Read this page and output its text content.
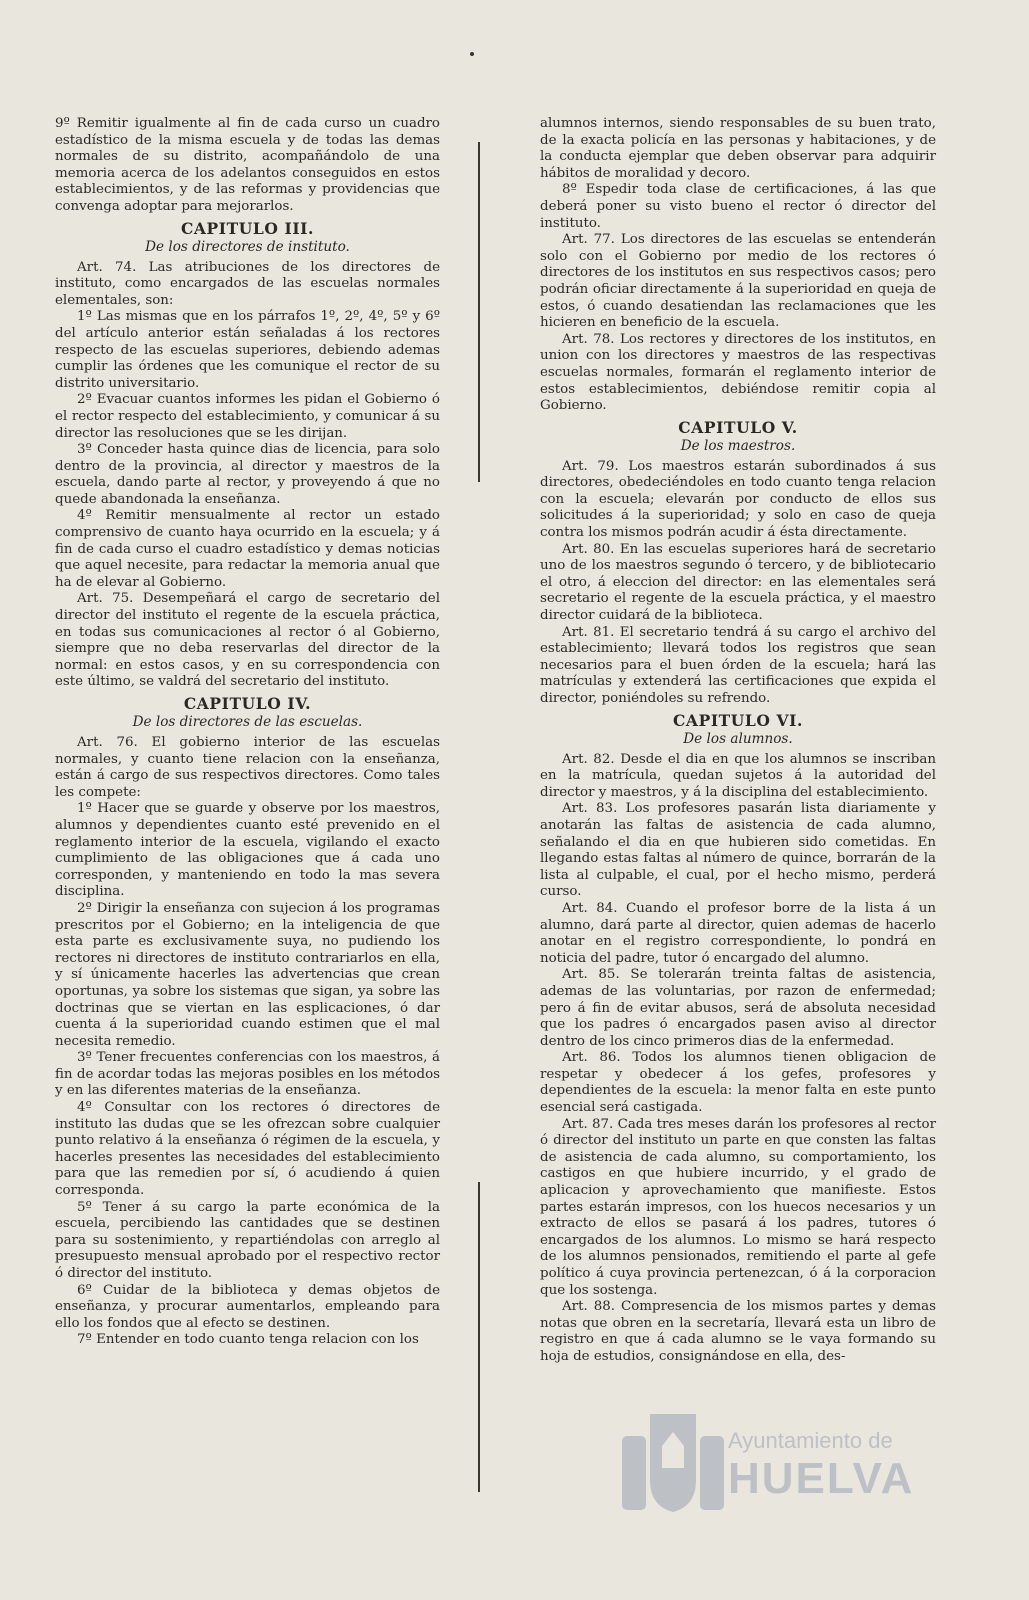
9º Remitir igualmente al fin de cada curso un cuadro estadístico de la misma escuela y de todas las demas normales de su distrito, acompañándolo de una memoria acerca de los adelantos conseguidos en estos establecimientos, y de las reformas y providencias que convenga adoptar para mejorarlos.

CAPITULO III.
De los directores de instituto.

Art. 74. Las atribuciones de los directores de instituto, como encargados de las escuelas normales elementales, son:

1º Las mismas que en los párrafos 1º, 2º, 4º, 5º y 6º del artículo anterior están señaladas á los rectores respecto de las escuelas superiores, debiendo ademas cumplir las órdenes que les comunique el rector de su distrito universitario.

2º Evacuar cuantos informes les pidan el Gobierno ó el rector respecto del establecimiento, y comunicar á su director las resoluciones que se les dirijan.

3º Conceder hasta quince dias de licencia, para solo dentro de la provincia, al director y maestros de la escuela, dando parte al rector, y proveyendo á que no quede abandonada la enseñanza.

4º Remitir mensualmente al rector un estado comprensivo de cuanto haya ocurrido en la escuela; y á fin de cada curso el cuadro estadístico y demas noticias que aquel necesite, para redactar la memoria anual que ha de elevar al Gobierno.

Art. 75. Desempeñará el cargo de secretario del director del instituto el regente de la escuela práctica, en todas sus comunicaciones al rector ó al Gobierno, siempre que no deba reservarlas del director de la normal: en estos casos, y en su correspondencia con este último, se valdrá del secretario del instituto.

CAPITULO IV.
De los directores de las escuelas.

Art. 76. El gobierno interior de las escuelas normales, y cuanto tiene relacion con la enseñanza, están á cargo de sus respectivos directores. Como tales les compete:

1º Hacer que se guarde y observe por los maestros, alumnos y dependientes cuanto esté prevenido en el reglamento interior de la escuela, vigilando el exacto cumplimiento de las obligaciones que á cada uno corresponden, y manteniendo en todo la mas severa disciplina.

2º Dirigir la enseñanza con sujecion á los programas prescritos por el Gobierno; en la inteligencia de que esta parte es exclusivamente suya, no pudiendo los rectores ni directores de instituto contrariarlos en ella, y sí únicamente hacerles las advertencias que crean oportunas, ya sobre los sistemas que sigan, ya sobre las doctrinas que se viertan en las esplicaciones, ó dar cuenta á la superioridad cuando estimen que el mal necesita remedio.

3º Tener frecuentes conferencias con los maestros, á fin de acordar todas las mejoras posibles en los métodos y en las diferentes materias de la enseñanza.

4º Consultar con los rectores ó directores de instituto las dudas que se les ofrezcan sobre cualquier punto relativo á la enseñanza ó régimen de la escuela, y hacerles presentes las necesidades del establecimiento para que las remedien por sí, ó acudiendo á quien corresponda.

5º Tener á su cargo la parte económica de la escuela, percibiendo las cantidades que se destinen para su sostenimiento, y repartiéndolas con arreglo al presupuesto mensual aprobado por el respectivo rector ó director del instituto.

6º Cuidar de la biblioteca y demas objetos de enseñanza, y procurar aumentarlos, empleando para ello los fondos que al efecto se destinen.

7º Entender en todo cuanto tenga relacion con los

alumnos internos, siendo responsables de su buen trato, de la exacta policía en las personas y habitaciones, y de la conducta ejemplar que deben observar para adquirir hábitos de moralidad y decoro.

8º Espedir toda clase de certificaciones, á las que deberá poner su visto bueno el rector ó director del instituto.

Art. 77. Los directores de las escuelas se entenderán solo con el Gobierno por medio de los rectores ó directores de los institutos en sus respectivos casos; pero podrán oficiar directamente á la superioridad en queja de estos, ó cuando desatiendan las reclamaciones que les hicieren en beneficio de la escuela.

Art. 78. Los rectores y directores de los institutos, en union con los directores y maestros de las respectivas escuelas normales, formarán el reglamento interior de estos establecimientos, debiéndose remitir copia al Gobierno.

CAPITULO V.
De los maestros.

Art. 79. Los maestros estarán subordinados á sus directores, obedeciéndoles en todo cuanto tenga relacion con la escuela; elevarán por conducto de ellos sus solicitudes á la superioridad; y solo en caso de queja contra los mismos podrán acudir á ésta directamente.

Art. 80. En las escuelas superiores hará de secretario uno de los maestros segundo ó tercero, y de bibliotecario el otro, á eleccion del director: en las elementales será secretario el regente de la escuela práctica, y el maestro director cuidará de la biblioteca.

Art. 81. El secretario tendrá á su cargo el archivo del establecimiento; llevará todos los registros que sean necesarios para el buen órden de la escuela; hará las matrículas y extenderá las certificaciones que expida el director, poniéndoles su refrendo.

CAPITULO VI.
De los alumnos.

Art. 82. Desde el dia en que los alumnos se inscriban en la matrícula, quedan sujetos á la autoridad del director y maestros, y á la disciplina del establecimiento.

Art. 83. Los profesores pasarán lista diariamente y anotarán las faltas de asistencia de cada alumno, señalando el dia en que hubieren sido cometidas. En llegando estas faltas al número de quince, borrarán de la lista al culpable, el cual, por el hecho mismo, perderá curso.

Art. 84. Cuando el profesor borre de la lista á un alumno, dará parte al director, quien ademas de hacerlo anotar en el registro correspondiente, lo pondrá en noticia del padre, tutor ó encargado del alumno.

Art. 85. Se tolerarán treinta faltas de asistencia, ademas de las voluntarias, por razon de enfermedad; pero á fin de evitar abusos, será de absoluta necesidad que los padres ó encargados pasen aviso al director dentro de los cinco primeros dias de la enfermedad.

Art. 86. Todos los alumnos tienen obligacion de respetar y obedecer á los gefes, profesores y dependientes de la escuela: la menor falta en este punto esencial será castigada.

Art. 87. Cada tres meses darán los profesores al rector ó director del instituto un parte en que consten las faltas de asistencia de cada alumno, su comportamiento, los castigos en que hubiere incurrido, y el grado de aplicacion y aprovechamiento que manifieste. Estos partes estarán impresos, con los huecos necesarios y un extracto de ellos se pasará á los padres, tutores ó encargados de los alumnos. Lo mismo se hará respecto de los alumnos pensionados, remitiendo el parte al gefe político á cuya provincia pertenezcan, ó á la corporacion que los sostenga.

Art. 88. Compresencia de los mismos partes y demas notas que obren en la secretaría, llevará esta un libro de registro en que á cada alumno se le vaya formando su hoja de estudios, consignándose en ella, des-

Ayuntamiento de
HUELVA
